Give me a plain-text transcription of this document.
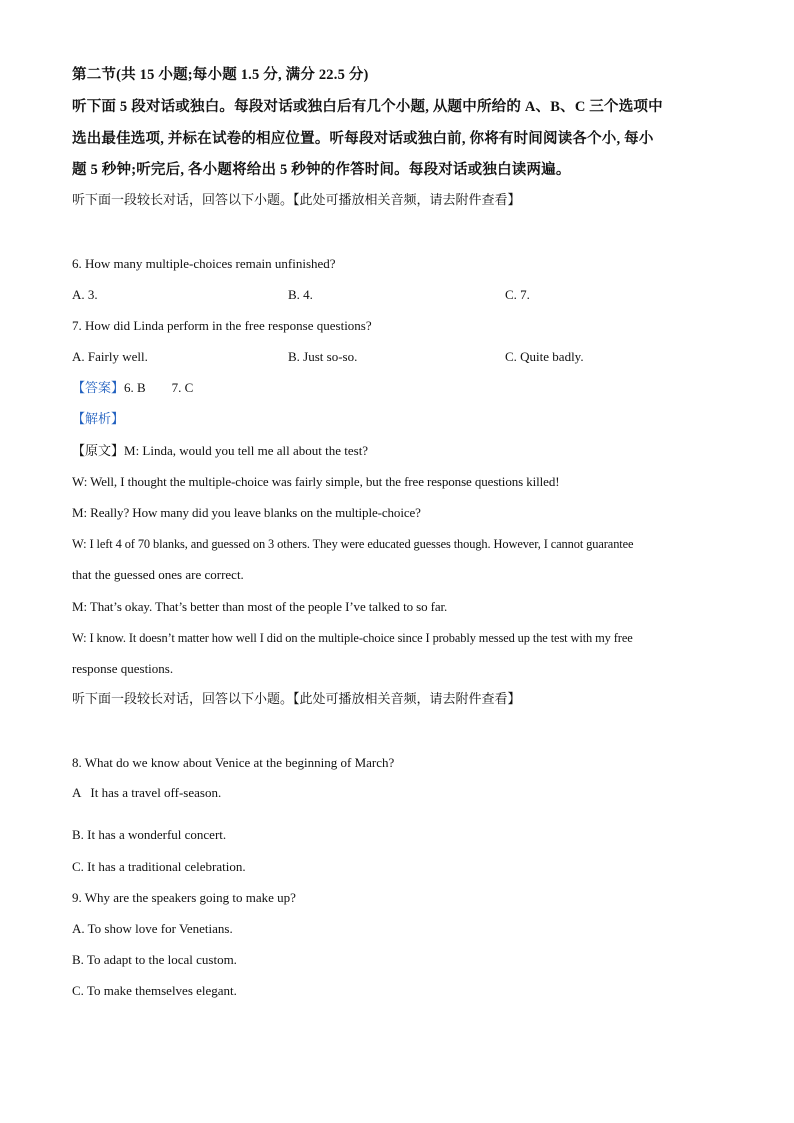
第二节(共 15 小题;每小题 1.5 分, 满分 22.5 分)
听下面 5 段对话或独白。每段对话或独白后有几个小题, 从题中所给的 A、B、C 三个选项中
选出最佳选项, 并标在试卷的相应位置。听每段对话或独白前, 你将有时间阅读各个小, 每小
题 5 秒钟;听完后, 各小题将给出 5 秒钟的作答时间。每段对话或独白读两遍。
听下面一段较长对话，回答以下小题。【此处可播放相关音频，请去附件查看】
6. How many multiple-choices remain unfinished?
A. 3.	B. 4.	C. 7.
7. How did Linda perform in the free response questions?
A. Fairly well.	B. Just so-so.	C. Quite badly.
【答案】6. B        7. C
【解析】
【原文】M: Linda, would you tell me all about the test?
W: Well, I thought the multiple-choice was fairly simple, but the free response questions killed!
M: Really? How many did you leave blanks on the multiple-choice?
W: I left 4 of 70 blanks, and guessed on 3 others. They were educated guesses though. However, I cannot guarantee
that the guessed ones are correct.
M: That’s okay. That’s better than most of the people I’ve talked to so far.
W: I know. It doesn’t matter how well I did on the multiple-choice since I probably messed up the test with my free
response questions.
听下面一段较长对话，回答以下小题。【此处可播放相关音频，请去附件查看】
8. What do we know about Venice at the beginning of March?
A   It has a travel off-season.
B. It has a wonderful concert.
C. It has a traditional celebration.
9. Why are the speakers going to make up?
A. To show love for Venetians.
B. To adapt to the local custom.
C. To make themselves elegant.
